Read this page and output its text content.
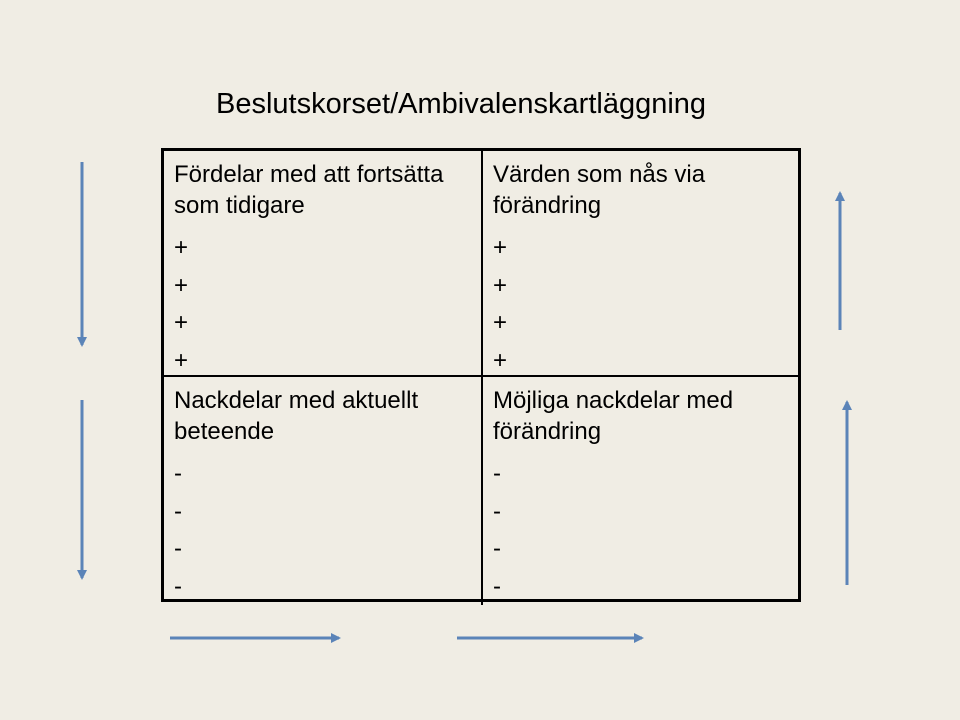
Beslutskorset/Ambivalenskartläggning
Fördelar med att fortsätta som tidigare
+
+
+
+
Värden som nås via förändring
+
+
+
+
Nackdelar med aktuellt beteende
-
-
-
-
Möjliga nackdelar med förändring
-
-
-
-
